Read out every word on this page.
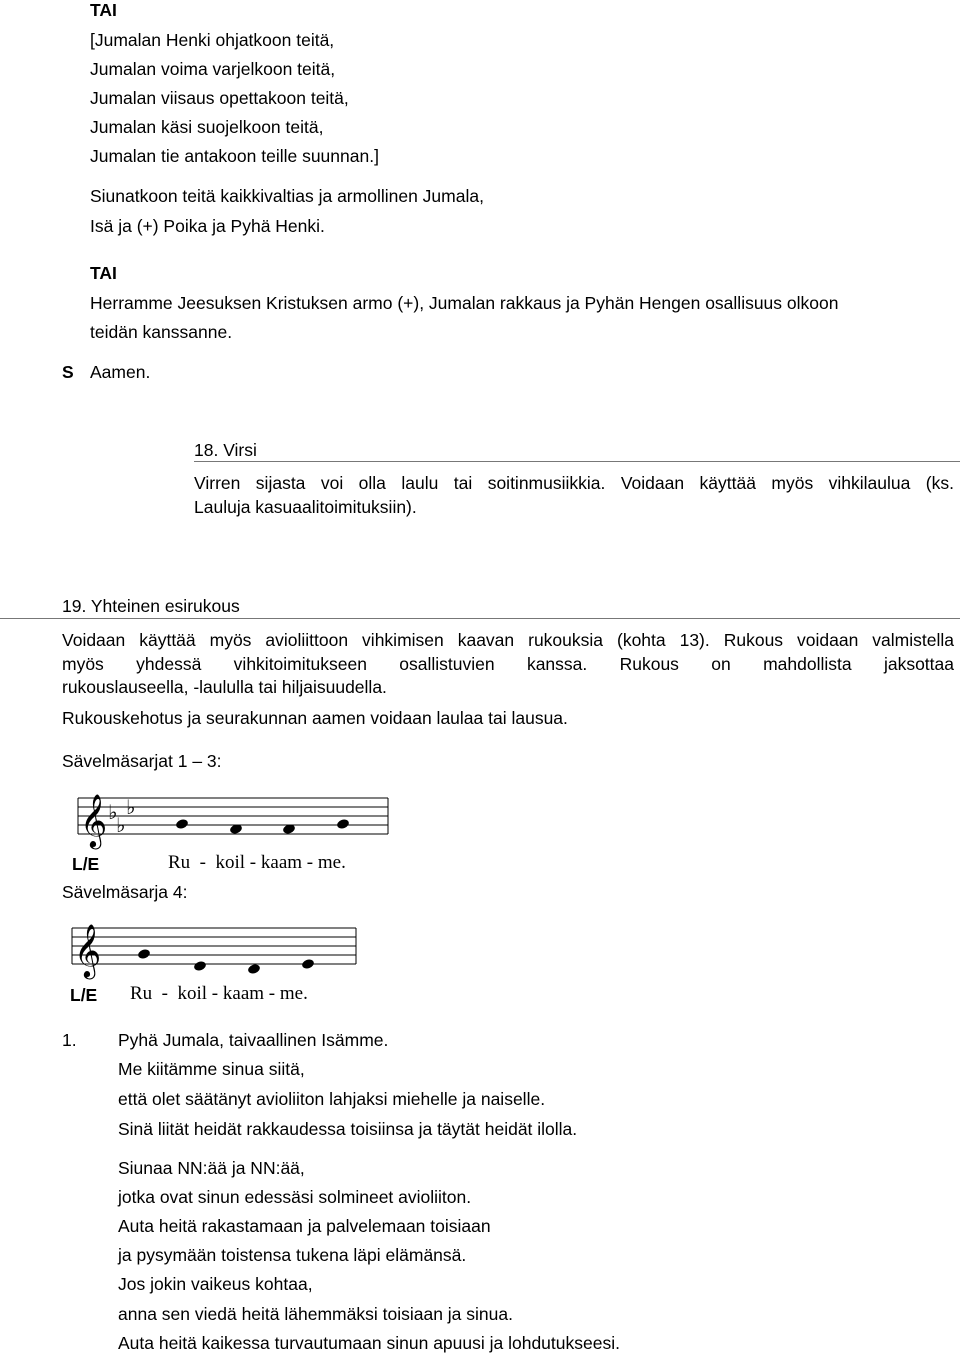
TAI
[Jumalan Henki ohjatkoon teitä,
Jumalan voima varjelkoon teitä,
Jumalan viisaus opettakoon teitä,
Jumalan käsi suojelkoon teitä,
Jumalan tie antakoon teille suunnan.]
Siunatkoon teitä kaikkivaltias ja armollinen Jumala,
Isä ja (+) Poika ja Pyhä Henki.
TAI
Herramme Jeesuksen Kristuksen armo (+), Jumalan rakkaus ja Pyhän Hengen osallisuus olkoon
teidän kanssanne.
S Aamen.
18. Virsi
Virren sijasta voi olla laulu tai soitinmusiikkia. Voidaan käyttää myös vihkilaulua (ks.
Lauluja kasuaalitoimituksiin).
19. Yhteinen esirukous
Voidaan käyttää myös avioliittoon vihkimisen kaavan rukouksia (kohta 13). Rukous voidaan valmistella
myös yhdessä vihkitoimitukseen osallistuvien kanssa. Rukous on mahdollista jaksottaa
rukouslauseella, -laululla tai hiljaisuudella.
Rukouskehotus ja seurakunnan aamen voidaan laulaa tai lausua.
Sävelmäsarjat 1 – 3:
𝄞 ♭
♭
♭
L/E	Ru  -  koil - kaam - me.
Sävelmäsarja 4:
𝄞
L/E Ru  -  koil - kaam - me.
1. Pyhä Jumala, taivaallinen Isämme.
Me kiitämme sinua siitä,
että olet säätänyt avioliiton lahjaksi miehelle ja naiselle.
Sinä liität heidät rakkaudessa toisiinsa ja täytät heidät ilolla.
Siunaa NN:ää ja NN:ää,
jotka ovat sinun edessäsi solmineet avioliiton.
Auta heitä rakastamaan ja palvelemaan toisiaan
ja pysymään toistensa tukena läpi elämänsä.
Jos jokin vaikeus kohtaa,
anna sen viedä heitä lähemmäksi toisiaan ja sinua.
Auta heitä kaikessa turvautumaan sinun apuusi ja lohdutukseesi.
